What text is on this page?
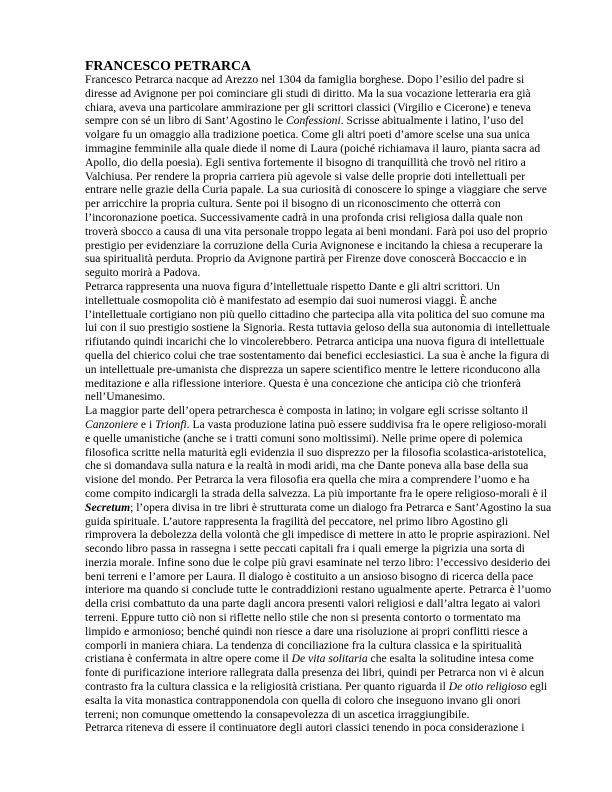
FRANCESCO PETRARCA

Francesco Petrarca nacque ad Arezzo nel 1304 da famiglia borghese. Dopo l’esilio del padre si
diresse ad Avignone per poi cominciare gli studi di diritto. Ma la sua vocazione letteraria era già
chiara, aveva una particolare ammirazione per gli scrittori classici (Virgilio e Cicerone) e teneva
sempre con sé un libro di Sant’Agostino le Confessioni. Scrisse abitualmente i latino, l’uso del
volgare fu un omaggio alla tradizione poetica. Come gli altri poeti d’amore scelse una sua unica
immagine femminile alla quale diede il nome di Laura (poiché richiamava il lauro, pianta sacra ad
Apollo, dio della poesia). Egli sentiva fortemente il bisogno di tranquillità che trovò nel ritiro a
Valchiusa. Per rendere la propria carriera più agevole si valse delle proprie doti intellettuali per
entrare nelle grazie della Curia papale. La sua curiosità di conoscere lo spinge a viaggiare che serve
per arricchire la propria cultura. Sente poi il bisogno di un riconoscimento che otterrà con
l’incoronazione poetica. Successivamente cadrà in una profonda crisi religiosa dalla quale non
troverà sbocco a causa di una vita personale troppo legata ai beni mondani. Farà poi uso del proprio
prestigio per evidenziare la corruzione della Curia Avignonese e incitando la chiesa a recuperare la
sua spiritualità perduta. Proprio da Avignone partirà per Firenze dove conoscerà Boccaccio e in
seguito morirà a Padova.

Petrarca rappresenta una nuova figura d’intellettuale rispetto Dante e gli altri scrittori. Un
intellettuale cosmopolita ciò è manifestato ad esempio dai suoi numerosi viaggi. È anche
l’intellettuale cortigiano non più quello cittadino che partecipa alla vita politica del suo comune ma
lui con il suo prestigio sostiene la Signoria. Resta tuttavia geloso della sua autonomia di intellettuale
rifiutando quindi incarichi che lo vincolerebbero. Petrarca anticipa una nuova figura di intellettuale
quella del chierico colui che trae sostentamento dai benefici ecclesiastici. La sua è anche la figura di
un intellettuale pre-umanista che disprezza un sapere scientifico mentre le lettere riconducono alla
meditazione e alla riflessione interiore. Questa è una concezione che anticipa ciò che trionferà
nell’Umanesimo.

La maggior parte dell’opera petrarchesca è composta in latino; in volgare egli scrisse soltanto il
Canzoniere e i Trionfi. La vasta produzione latina può essere suddivisa fra le opere religioso-morali
e quelle umanistiche (anche se i tratti comuni sono moltissimi). Nelle prime opere di polemica
filosofica scritte nella maturità egli evidenzia il suo disprezzo per la filosofia scolastica-aristotelica,
che si domandava sulla natura e la realtà in modi aridi, ma che Dante poneva alla base della sua
visione del mondo. Per Petrarca la vera filosofia era quella che mira a comprendere l’uomo e ha
come compito indicargli la strada della salvezza. La più importante fra le opere religioso-morali è il
Secretum; l’opera divisa in tre libri è strutturata come un dialogo fra Petrarca e Sant’Agostino la sua
guida spirituale. L’autore rappresenta la fragilità del peccatore, nel primo libro Agostino gli
rimprovera la debolezza della volontà che gli impedisce di mettere in atto le proprie aspirazioni. Nel
secondo libro passa in rassegna i sette peccati capitali fra i quali emerge la pigrizia una sorta di
inerzia morale. Infine sono due le colpe più gravi esaminate nel terzo libro: l’eccessivo desiderio dei
beni terreni e l’amore per Laura. Il dialogo è costituito a un ansioso bisogno di ricerca della pace
interiore ma quando si conclude tutte le contraddizioni restano ugualmente aperte. Petrarca è l’uomo
della crisi combattuto da una parte dagli ancora presenti valori religiosi e dall’altra legato ai valori
terreni. Eppure tutto ciò non si riflette nello stile che non si presenta contorto o tormentato ma
limpido e armonioso; benché quindi non riesce a dare una risoluzione ai propri conflitti riesce a
comporli in maniera chiara. La tendenza di conciliazione fra la cultura classica e la spiritualità
cristiana è confermata in altre opere come il De vita solitaria che esalta la solitudine intesa come
fonte di purificazione interiore rallegrata dalla presenza dei libri, quindi per Petrarca non vi è alcun
contrasto fra la cultura classica e la religiosità cristiana. Per quanto riguarda il De otio religioso egli
esalta la vita monastica contrapponendola con quella di coloro che inseguono invano gli onori
terreni; non comunque omettendo la consapevolezza di un ascetica irraggiungibile.

Petrarca riteneva di essere il continuatore degli autori classici tenendo in poca considerazione i
